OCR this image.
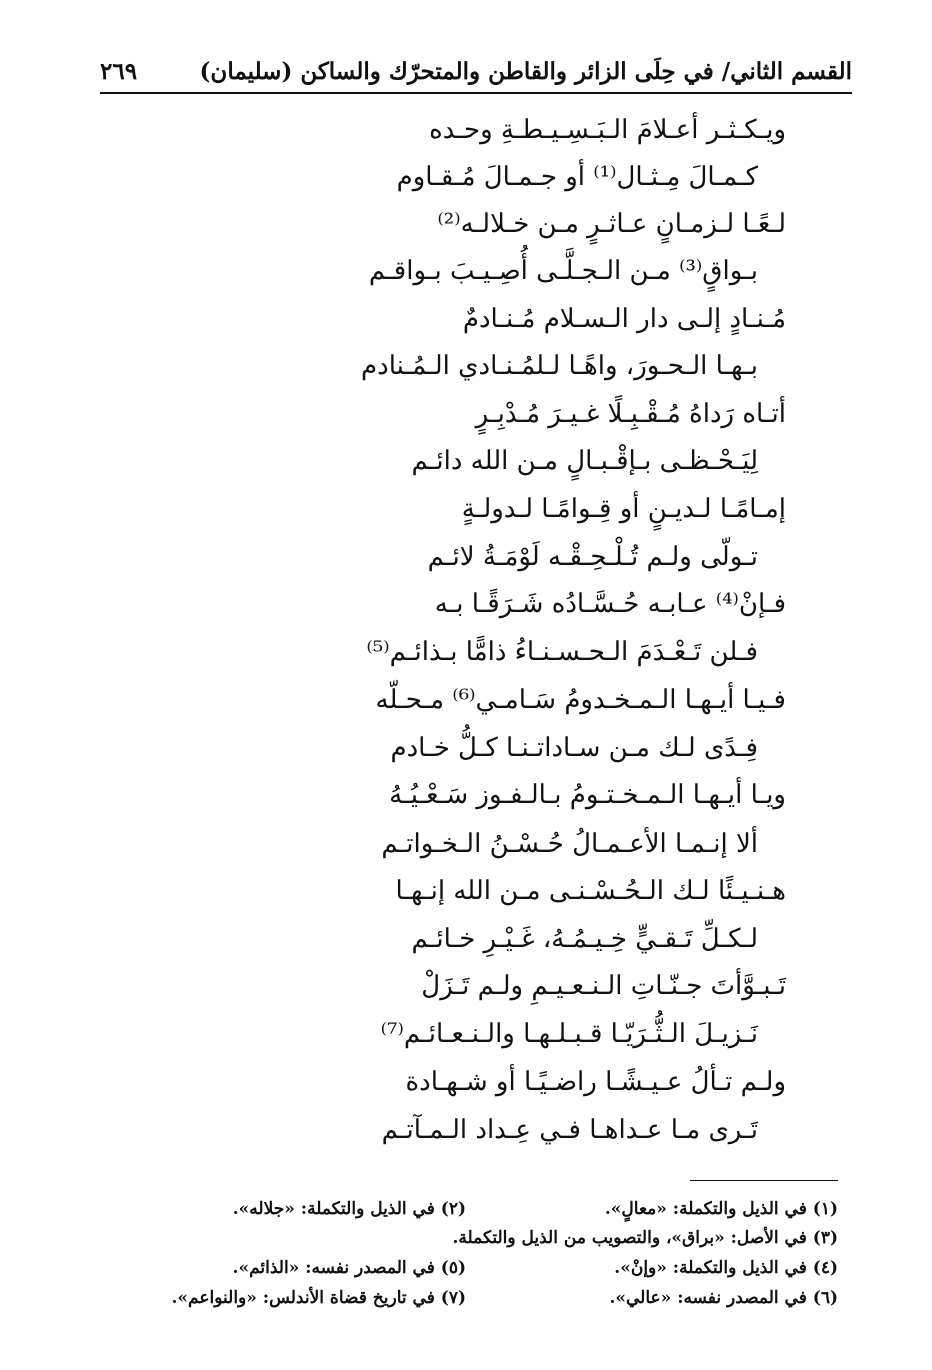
القسم الثاني/ في حِلَى الزائر والقاطن والمتحرّك والساكن (سليمان)
٢٦٩
ويـكـثـر أعـلامَ الـبَـسِـيـطـةِ وحـده
كـمـالَ مِـثـال⁽¹⁾ أو جـمـالَ مُـقـاوم
لـعًـا لـزمـانٍ عـاثـرٍ مـن خـلالـه⁽²⁾
بـواقٍ⁽³⁾ مـن الـجـلَّـى أُصِـيـبَ بـواقـم
مُـنـادٍ إلـى دار الـسـلام مُـنـادمٌ
بـهـا الـحـورَ، واهًـا لـلمُـنـادي الـمُـنادم
أتـاه رَداهُ مُـقْـبِـلًا غـيـرَ مُـدْبِـرٍ
لِيَـحْـظـى بـإقْـبـالٍ مـن الله دائـم
إمـامًـا لـديـنٍ أو قِـوامًـا لـدولـةٍ
تـولّى ولـم تُـلْـحِـقْـه لَوْمَـةُ لائـم
فـإنْ⁽⁴⁾ عـابـه حُـسَّـادُه شَـرَقًـا بـه
فـلن تَـعْـدَمَ الـحـسـنـاءُ ذامًّا بـذائـم⁽⁵⁾
فـيـا أيـهـا الـمـخـدومُ سَـامـي⁽⁶⁾ مـحـلّه
فِـدًى لـك مـن سـاداتـنـا كـلُّ خـادم
ويـا أيـهـا الـمـخـتـومُ بـالـفـوز سَـعْـيُـهُ
ألا إنـمـا الأعـمـالُ حُـسْـنُ الـخـواتـم
هـنـيـئًا لـك الـحُـسْـنـى مـن الله إنـهـا
لـكـلِّ تَـقـيٍّ خِـيـمُـهُ، غَـيْـرِ خـائـم
تَـبـوَّأتَ جـنّـاتِ الـنـعـيـمِ ولـم تَـزَلْ
نَـزيـلَ الـثُّـرَيّـا قـبـلـهـا والـنـعـائـم⁽⁷⁾
ولـم تـألُ عـيـشًـا راضـيًـا أو شـهـادة
تَـرى مـا عـداهـا فـي عِـداد الـمـآتـم
(١) في الذيل والتكملة: «معالٍ».
(٢) في الذيل والتكملة: «جلاله».
(٣) في الأصل: «براق»، والتصويب من الذيل والتكملة.
(٤) في الذيل والتكملة: «وإنْ».
(٥) في المصدر نفسه: «الذائم».
(٦) في المصدر نفسه: «عالي».
(٧) في تاريخ قضاة الأندلس: «والنواعم».
